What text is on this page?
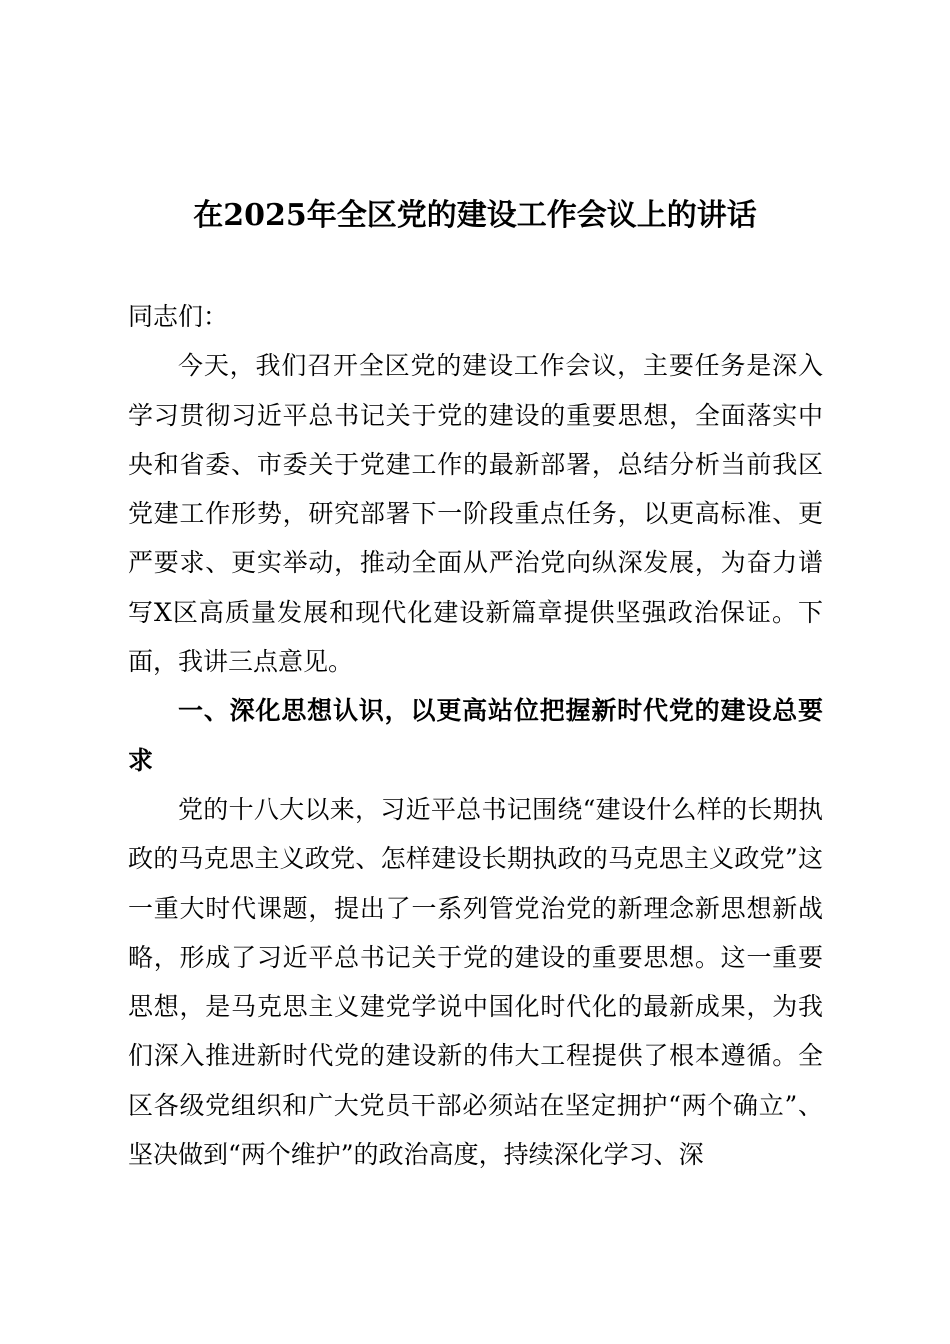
在2025年全区党的建设工作会议上的讲话

同志们：

今天，我们召开全区党的建设工作会议，主要任务是深入学习贯彻习近平总书记关于党的建设的重要思想，全面落实中央和省委、市委关于党建工作的最新部署，总结分析当前我区党建工作形势，研究部署下一阶段重点任务，以更高标准、更严要求、更实举动，推动全面从严治党向纵深发展，为奋力谱写X区高质量发展和现代化建设新篇章提供坚强政治保证。下面，我讲三点意见。

一、深化思想认识，以更高站位把握新时代党的建设总要求

党的十八大以来，习近平总书记围绕“建设什么样的长期执政的马克思主义政党、怎样建设长期执政的马克思主义政党”这一重大时代课题，提出了一系列管党治党的新理念新思想新战略，形成了习近平总书记关于党的建设的重要思想。这一重要思想，是马克思主义建党学说中国化时代化的最新成果，为我们深入推进新时代党的建设新的伟大工程提供了根本遵循。全区各级党组织和广大党员干部必须站在坚定拥护“两个确立”、坚决做到“两个维护”的政治高度，持续深化学习、深
